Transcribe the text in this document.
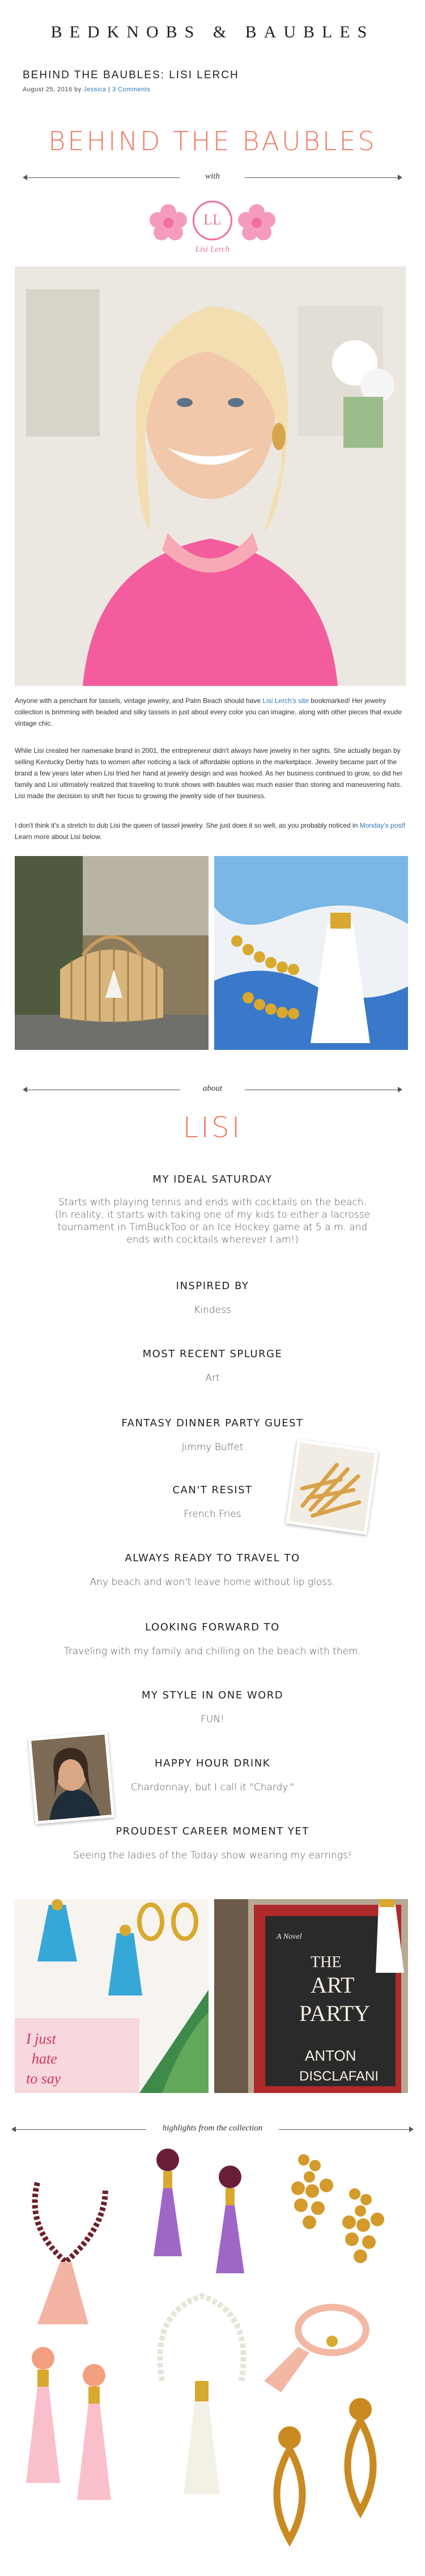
BEDKNOBS & BAUBLES
BEHIND THE BAUBLES: LISI LERCH
August 25, 2016 by Jessica | 3 Comments
BEHIND THE BAUBLES
with
LL
Lisi Lerch
Anyone with a penchant for tassels, vintage jewelry, and Palm Beach should have Lisi Lerch's site bookmarked! Her jewelry collection is brimming with beaded and silky tassels in just about every color you can imagine, along with other pieces that exude vintage chic.
While Lisi created her namesake brand in 2001, the entrepreneur didn't always have jewelry in her sights. She actually began by selling Kentucky Derby hats to women after noticing a lack of affordable options in the marketplace. Jewelry became part of the brand a few years later when Lisi tried her hand at jewelry design and was hooked. As her business continued to grow, so did her family and Lisi ultimately realized that traveling to trunk shows with baubles was much easier than storing and maneuvering hats. Lisi made the decision to shift her focus to growing the jewelry side of her business.
I don't think it's a stretch to dub Lisi the queen of tassel jewelry. She just does it so well, as you probably noticed in Monday's post! Learn more about Lisi below.
about
LISI
MY IDEAL SATURDAY
Starts with playing tennis and ends with cocktails on the beach. (In reality, it starts with taking one of my kids to either a lacrosse tournament in TimBuckToo or an Ice Hockey game at 5 a.m. and ends with cocktails wherever I am!)
INSPIRED BY
Kindess
MOST RECENT SPLURGE
Art
FANTASY DINNER PARTY GUEST
Jimmy Buffet
CAN'T RESIST
French Fries
ALWAYS READY TO TRAVEL TO
Any beach and won't leave home without lip gloss.
LOOKING FORWARD TO
Traveling with my family and chilling on the beach with them.
MY STYLE IN ONE WORD
FUN!
HAPPY HOUR DRINK
Chardonnay, but I call it "Chardy."
PROUDEST CAREER MOMENT YET
Seeing the ladies of the Today show wearing my earrings!
I just
hate
to say
THE
ART
PARTY
ANTON
DISCLAFANI
A Novel
highlights from the collection
